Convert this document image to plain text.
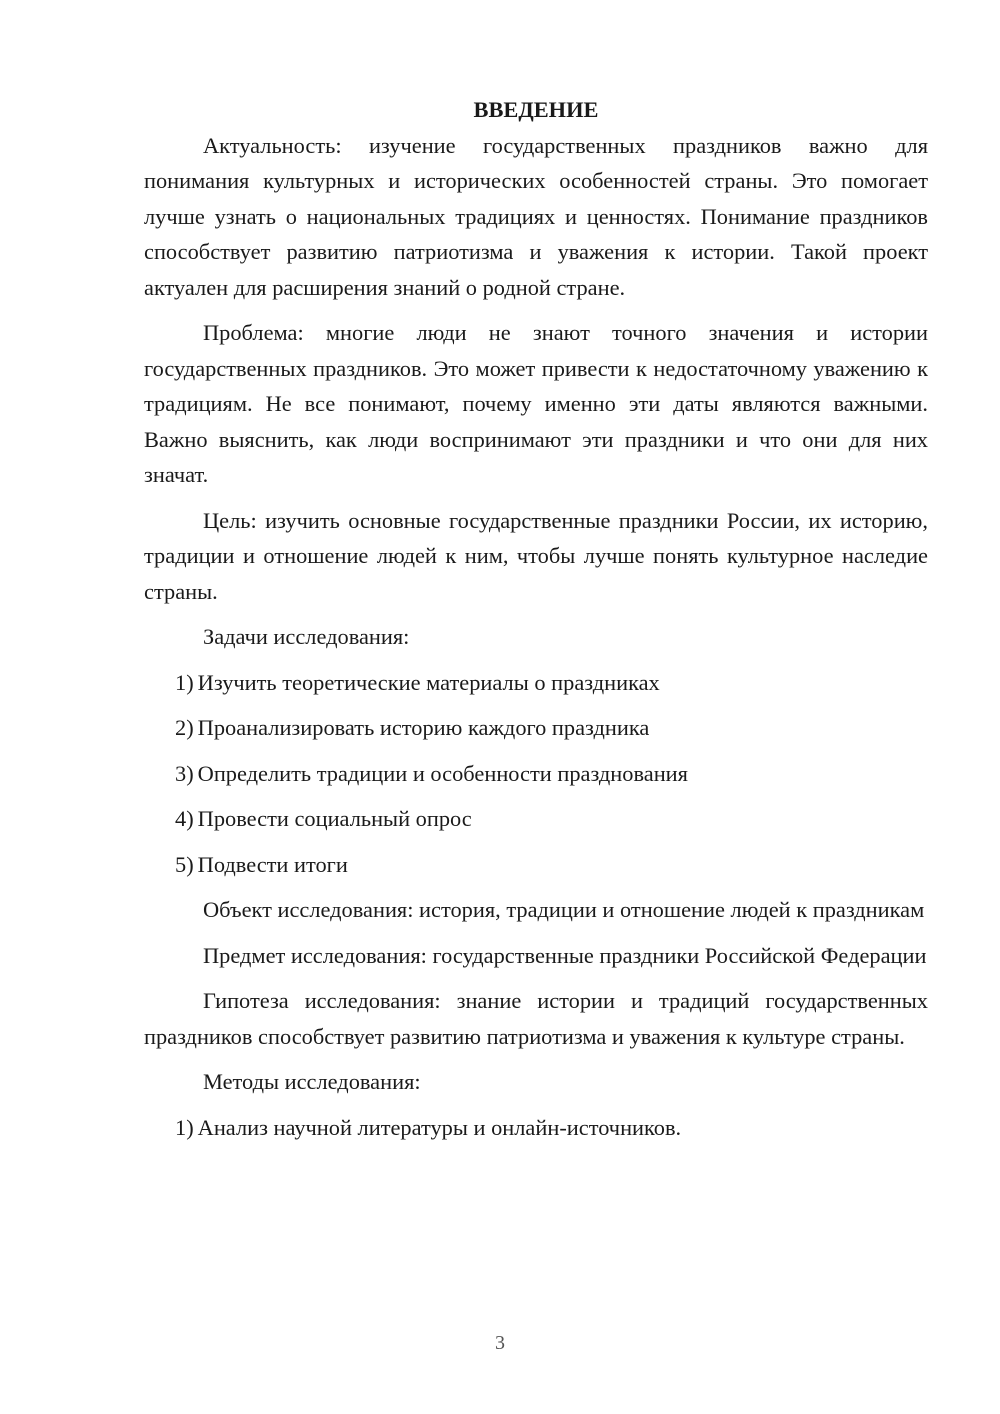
ВВЕДЕНИЕ

Актуальность: изучение государственных праздников важно для понимания культурных и исторических особенностей страны. Это помогает лучше узнать о национальных традициях и ценностях. Понимание праздников способствует развитию патриотизма и уважения к истории. Такой проект актуален для расширения знаний о родной стране.

Проблема: многие люди не знают точного значения и истории государственных праздников. Это может привести к недостаточному уважению к традициям. Не все понимают, почему именно эти даты являются важными. Важно выяснить, как люди воспринимают эти праздники и что они для них значат.

Цель: изучить основные государственные праздники России, их историю, традиции и отношение людей к ним, чтобы лучше понять культурное наследие страны.

Задачи исследования:

1) Изучить теоретические материалы о праздниках
2) Проанализировать историю каждого праздника
3) Определить традиции и особенности празднования
4) Провести социальный опрос
5) Подвести итоги

Объект исследования: история, традиции и отношение людей к праздникам

Предмет исследования: государственные праздники Российской Федерации

Гипотеза исследования: знание истории и традиций государственных праздников способствует развитию патриотизма и уважения к культуре страны.

Методы исследования:

1) Анализ научной литературы и онлайн-источников.
3
